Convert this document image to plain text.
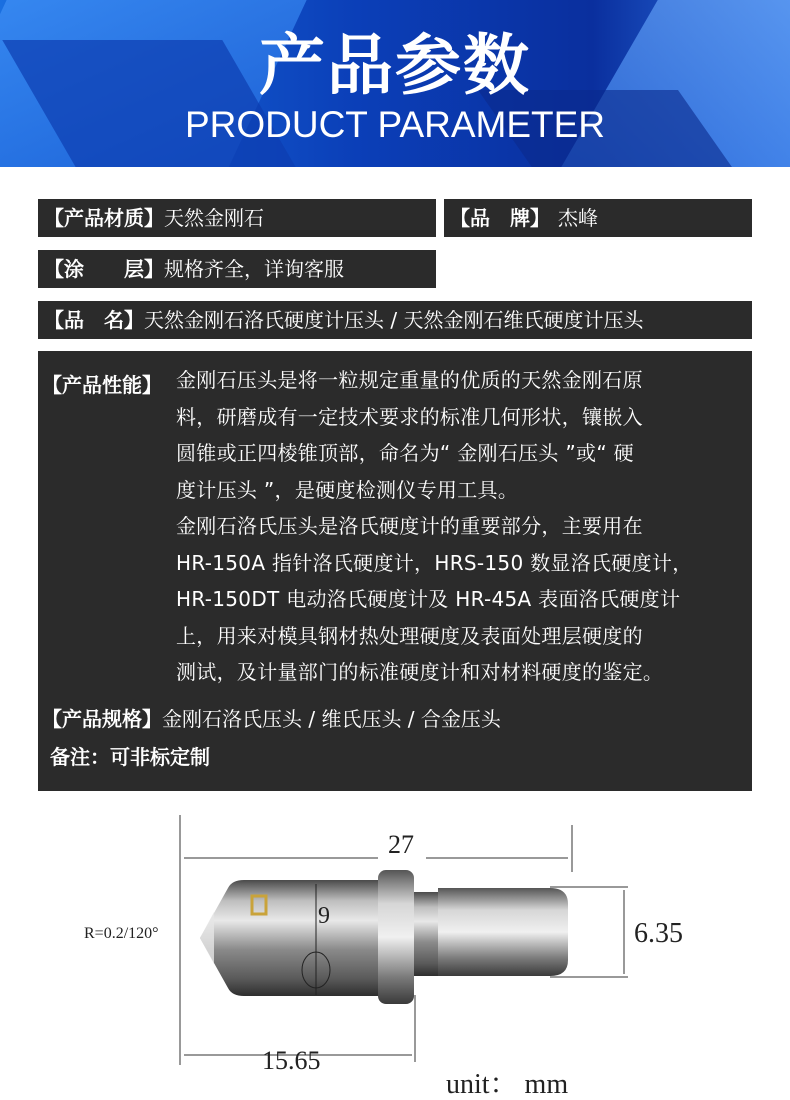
产品参数
PRODUCT PARAMETER
【产品材质】天然金刚石	【品　牌】 杰峰
【涂　　层】规格齐全，详询客服
【品　名】天然金刚石洛氏硬度计压头 / 天然金刚石维氏硬度计压头
【产品性能】 金刚石压头是将一粒规定重量的优质的天然金刚石原
料，研磨成有一定技术要求的标准几何形状，镶嵌入
圆锥或正四棱锥顶部，命名为“ 金刚石压头 ”或“ 硬
度计压头 ”，是硬度检测仪专用工具。
金刚石洛氏压头是洛氏硬度计的重要部分，主要用在
HR-150A 指针洛氏硬度计，HRS-150 数显洛氏硬度计，
HR-150DT 电动洛氏硬度计及 HR-45A 表面洛氏硬度计
上，用来对模具钢材热处理硬度及表面处理层硬度的
测试，及计量部门的标准硬度计和对材料硬度的鉴定。
【产品规格】金刚石洛氏压头 / 维氏压头 / 合金压头
备注：可非标定制
27
6.35
15.65
R=0.2/120°
9
unit： mm
